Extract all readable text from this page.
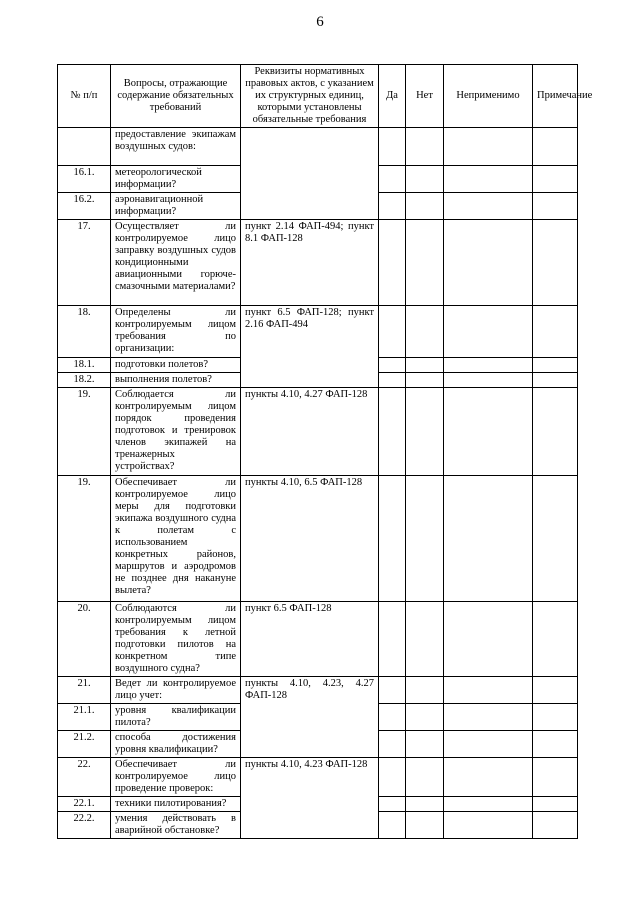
6
№ п/п	Вопросы, отражающие содержание обязательных требований	Реквизиты нормативных правовых актов, с указанием их структурных единиц, которыми установлены обязательные требования	Да	Нет	Неприменимо	Примечание
	предоставление экипажам воздушных судов:					
16.1.	метеорологической информации?					
16.2.	аэронавигационной информации?					
17.	Осуществляет ли контролируемое лицо заправку воздушных судов кондиционными авиационными горюче-смазочными материалами?	пункт 2.14 ФАП-494; пункт 8.1 ФАП-128				
18.	Определены ли контролируемым лицом требования по организации:	пункт 6.5 ФАП-128; пункт 2.16 ФАП-494				
18.1.	подготовки полетов?					
18.2.	выполнения полетов?					
19.	Соблюдается ли контролируемым лицом порядок проведения подготовок и тренировок членов экипажей на тренажерных устройствах?	пункты 4.10, 4.27 ФАП-128				
19.	Обеспечивает ли контролируемое лицо меры для подготовки экипажа воздушного судна к полетам с использованием конкретных районов, маршрутов и аэродромов не позднее дня накануне вылета?	пункты 4.10, 6.5 ФАП-128				
20.	Соблюдаются ли контролируемым лицом требования к летной подготовки пилотов на конкретном типе воздушного судна?	пункт 6.5 ФАП-128				
21.	Ведет ли контролируемое лицо учет:	пункты 4.10, 4.23, 4.27 ФАП-128				
21.1.	уровня квалификации пилота?					
21.2.	способа достижения уровня квалификации?					
22.	Обеспечивает ли контролируемое лицо проведение проверок:	пункты 4.10, 4.23 ФАП-128				
22.1.	техники пилотирования?					
22.2.	умения действовать в аварийной обстановке?					
